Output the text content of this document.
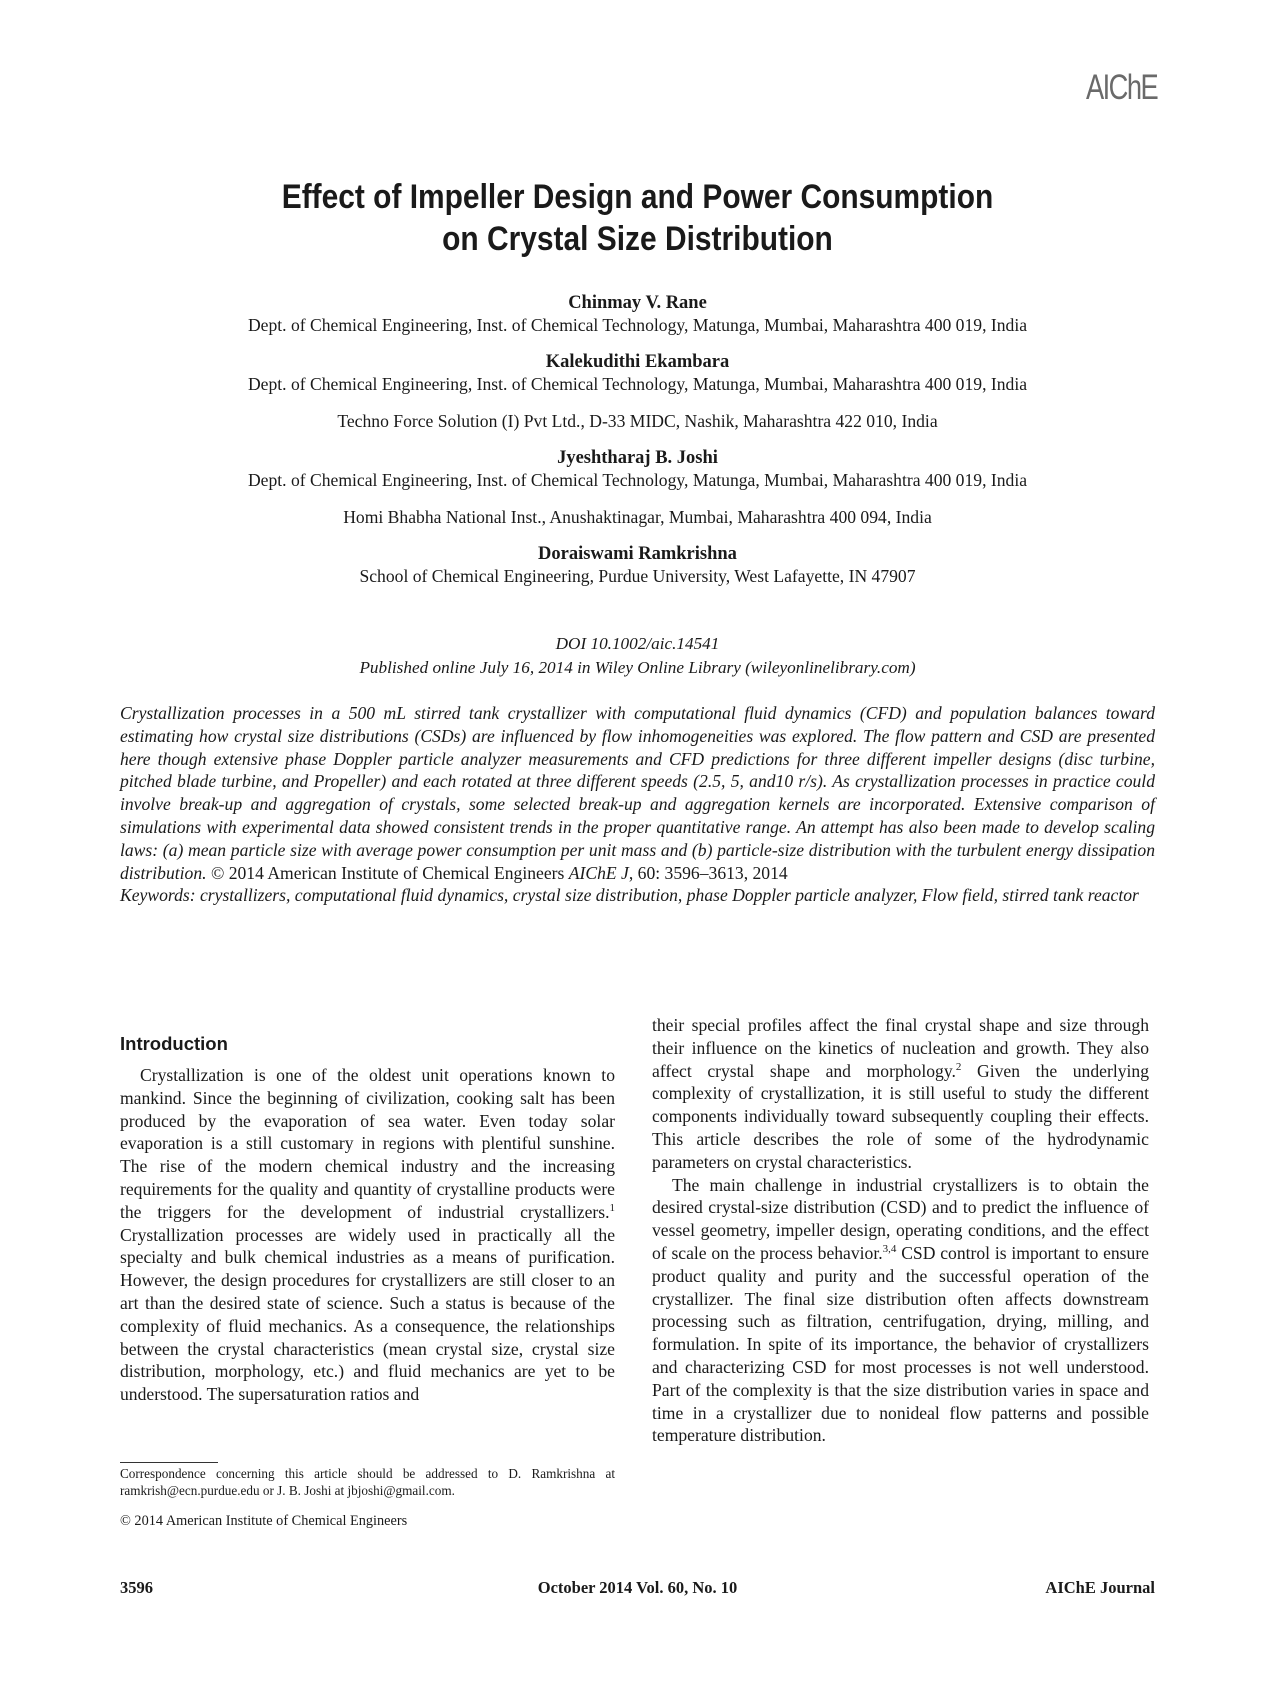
AIChE
Effect of Impeller Design and Power Consumption
on Crystal Size Distribution
Chinmay V. Rane
Dept. of Chemical Engineering, Inst. of Chemical Technology, Matunga, Mumbai, Maharashtra 400 019, India
Kalekudithi Ekambara
Dept. of Chemical Engineering, Inst. of Chemical Technology, Matunga, Mumbai, Maharashtra 400 019, India
Techno Force Solution (I) Pvt Ltd., D-33 MIDC, Nashik, Maharashtra 422 010, India
Jyeshtharaj B. Joshi
Dept. of Chemical Engineering, Inst. of Chemical Technology, Matunga, Mumbai, Maharashtra 400 019, India
Homi Bhabha National Inst., Anushaktinagar, Mumbai, Maharashtra 400 094, India
Doraiswami Ramkrishna
School of Chemical Engineering, Purdue University, West Lafayette, IN 47907
DOI 10.1002/aic.14541
Published online July 16, 2014 in Wiley Online Library (wileyonlinelibrary.com)

Crystallization processes in a 500 mL stirred tank crystallizer with computational fluid dynamics (CFD) and population balances toward estimating how crystal size distributions (CSDs) are influenced by flow inhomogeneities was explored. The flow pattern and CSD are presented here though extensive phase Doppler particle analyzer measurements and CFD predictions for three different impeller designs (disc turbine, pitched blade turbine, and Propeller) and each rotated at three different speeds (2.5, 5, and10 r/s). As crystallization processes in practice could involve break-up and aggregation of crystals, some selected break-up and aggregation kernels are incorporated. Extensive comparison of simulations with experimental data showed consistent trends in the proper quantitative range. An attempt has also been made to develop scaling laws: (a) mean particle size with average power consumption per unit mass and (b) particle-size distribution with the turbulent energy dissipation distribution. © 2014 American Institute of Chemical Engineers AIChE J, 60: 3596–3613, 2014

Keywords: crystallizers, computational fluid dynamics, crystal size distribution, phase Doppler particle analyzer, Flow field, stirred tank reactor

Introduction

Crystallization is one of the oldest unit operations known to mankind. Since the beginning of civilization, cooking salt has been produced by the evaporation of sea water. Even today solar evaporation is a still customary in regions with plentiful sunshine. The rise of the modern chemical industry and the increasing requirements for the quality and quantity of crystalline products were the triggers for the development of industrial crystallizers.$^1$ Crystallization processes are widely used in practically all the specialty and bulk chemical industries as a means of purification. However, the design procedures for crystallizers are still closer to an art than the desired state of science. Such a status is because of the complexity of fluid mechanics. As a consequence, the relationships between the crystal characteristics (mean crystal size, crystal size distribution, morphology, etc.) and fluid mechanics are yet to be understood. The supersaturation ratios and

their special profiles affect the final crystal shape and size through their influence on the kinetics of nucleation and growth. They also affect crystal shape and morphology.$^2$ Given the underlying complexity of crystallization, it is still useful to study the different components individually toward subsequently coupling their effects. This article describes the role of some of the hydrodynamic parameters on crystal characteristics.

The main challenge in industrial crystallizers is to obtain the desired crystal-size distribution (CSD) and to predict the influence of vessel geometry, impeller design, operating conditions, and the effect of scale on the process behavior.$^{3,4}$ CSD control is important to ensure product quality and purity and the successful operation of the crystallizer. The final size distribution often affects downstream processing such as filtration, centrifugation, drying, milling, and formulation. In spite of its importance, the behavior of crystallizers and characterizing CSD for most processes is not well understood. Part of the complexity is that the size distribution varies in space and time in a crystallizer due to nonideal flow patterns and possible temperature distribution.

Correspondence concerning this article should be addressed to D. Ramkrishna at ramkrish@ecn.purdue.edu or J. B. Joshi at jbjoshi@gmail.com.
© 2014 American Institute of Chemical Engineers
October 2014 Vol. 60, No. 10
3596	AIChE Journal
